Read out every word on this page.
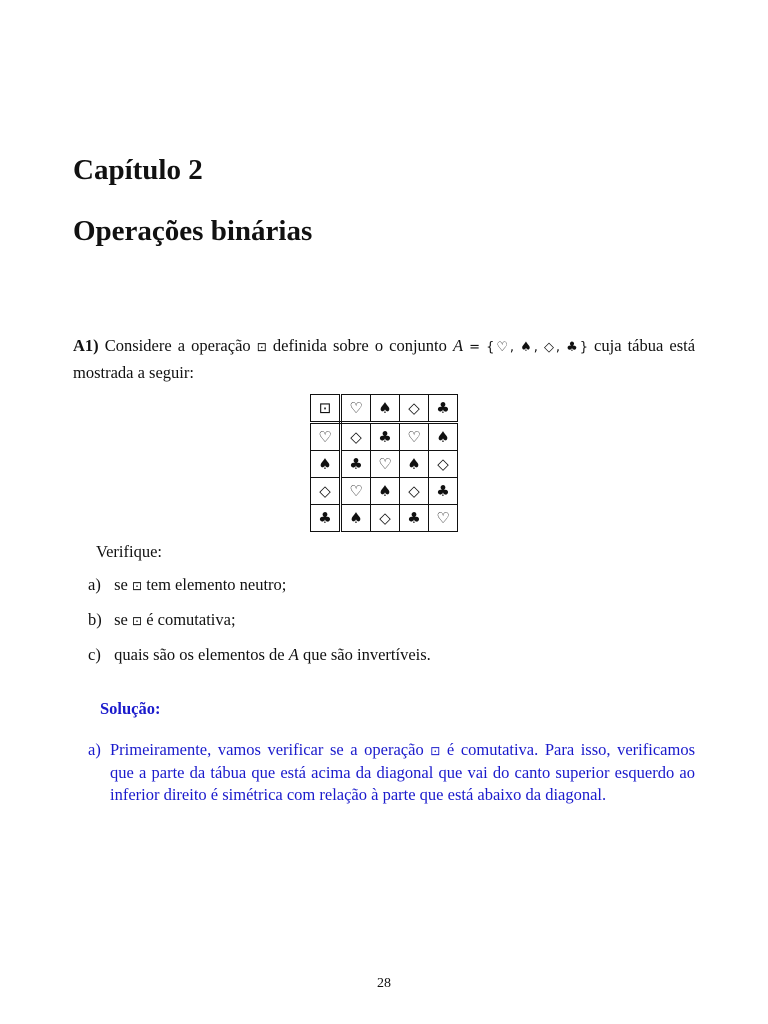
Capítulo 2
Operações binárias

A1) Considere a operação ⊡ definida sobre o conjunto A = {♡, ♠, ◇, ♣} cuja tábua está mostrada a seguir:

⊡	♡	♠	◇	♣
♡	◇	♣	♡	♠
♠	♣	♡	♠	◇
◇	♡	♠	◇	♣
♣	♠	◇	♣	♡

Verifique:

a) se ⊡ tem elemento neutro;
b) se ⊡ é comutativa;
c) quais são os elementos de A que são invertíveis.

Solução:

a) Primeiramente, vamos verificar se a operação ⊡ é comutativa. Para isso, verificamos que a parte da tábua que está acima da diagonal que vai do canto superior esquerdo ao inferior direito é simétrica com relação à parte que está abaixo da diagonal.

28
